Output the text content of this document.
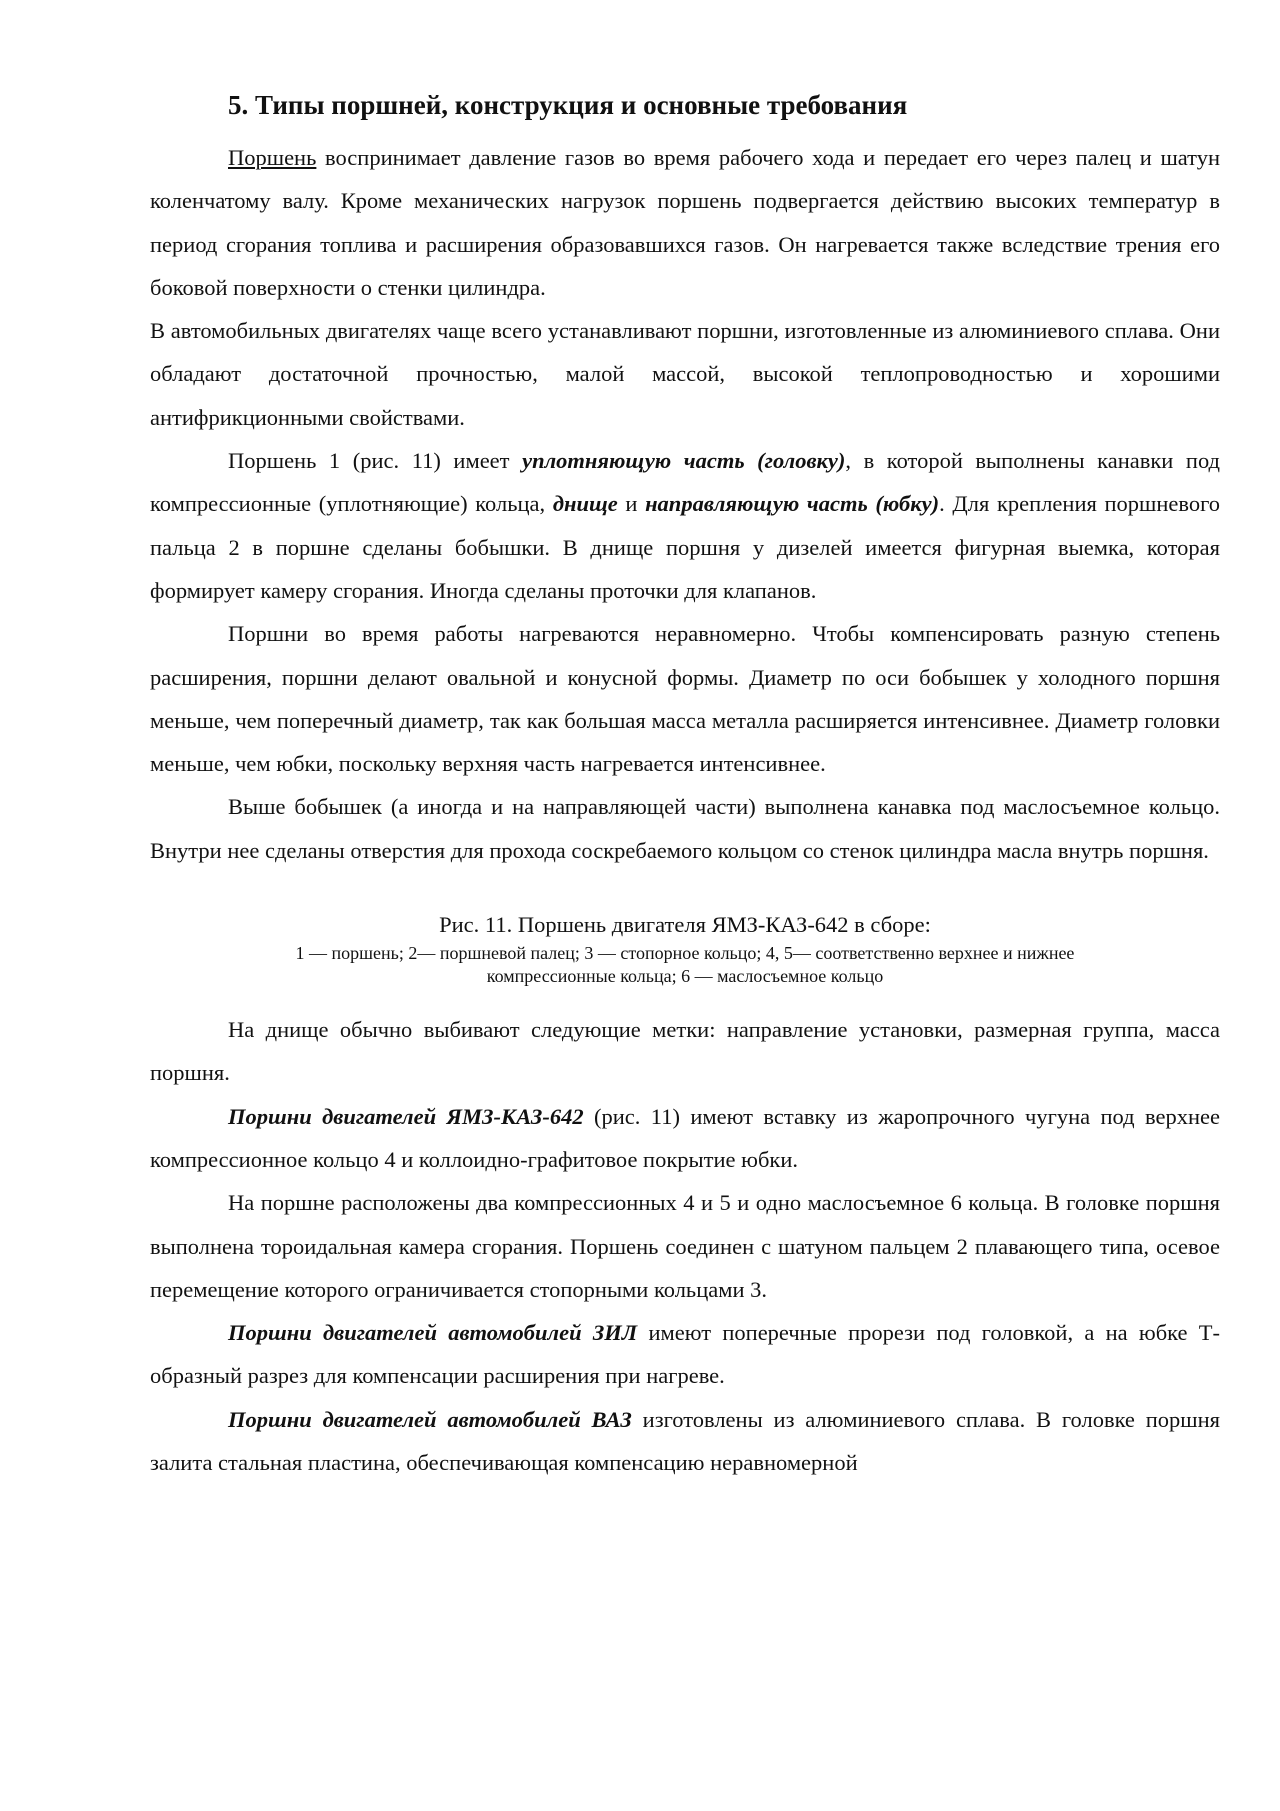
5. Типы поршней, конструкция и основные требования

Поршень воспринимает давление газов во время рабочего хода и передает его через палец и шатун коленчатому валу. Кроме механических нагрузок поршень подвергается действию высоких температур в период сгорания топлива и расширения образовавшихся газов. Он нагревается также вследствие трения его боковой поверхности о стенки цилиндра.

В автомобильных двигателях чаще всего устанавливают поршни, изготовленные из алюминиевого сплава. Они обладают достаточной прочностью, малой массой, высокой теплопроводностью и хорошими антифрикционными свойствами.

Поршень 1 (рис. 11) имеет уплотняющую часть (головку), в которой выполнены канавки под компрессионные (уплотняющие) кольца, днище и направляющую часть (юбку). Для крепления поршневого пальца 2 в поршне сделаны бобышки. В днище поршня у дизелей имеется фигурная выемка, которая формирует камеру сгорания. Иногда сделаны проточки для клапанов.

Поршни во время работы нагреваются неравномерно. Чтобы компенсировать разную степень расширения, поршни делают овальной и конусной формы. Диаметр по оси бобышек у холодного поршня меньше, чем поперечный диаметр, так как большая масса металла расширяется интенсивнее. Диаметр головки меньше, чем юбки, поскольку верхняя часть нагревается интенсивнее.

Выше бобышек (а иногда и на направляющей части) выполнена канавка под маслосъемное кольцо. Внутри нее сделаны отверстия для прохода соскребаемого кольцом со стенок цилиндра масла внутрь поршня.

Рис. 11. Поршень двигателя ЯМЗ-КАЗ-642 в сборе:
1 — поршень; 2— поршневой палец; 3 — стопорное кольцо; 4, 5— соответственно верхнее и нижнее
компрессионные кольца; 6 — маслосъемное кольцо

На днище обычно выбивают следующие метки: направление установки, размерная группа, масса поршня.

Поршни двигателей ЯМЗ-КАЗ-642 (рис. 11) имеют вставку из жаропрочного чугуна под верхнее компрессионное кольцо 4 и коллоидно-графитовое покрытие юбки.

На поршне расположены два компрессионных 4 и 5 и одно маслосъемное 6 кольца. В головке поршня выполнена тороидальная камера сгорания. Поршень соединен с шатуном пальцем 2 плавающего типа, осевое перемещение которого ограничивается стопорными кольцами 3.

Поршни двигателей автомобилей ЗИЛ имеют поперечные прорези под головкой, а на юбке Т-образный разрез для компенсации расширения при нагреве.

Поршни двигателей автомобилей ВАЗ изготовлены из алюминиевого сплава. В головке поршня залита стальная пластина, обеспечивающая компенсацию неравномерной
